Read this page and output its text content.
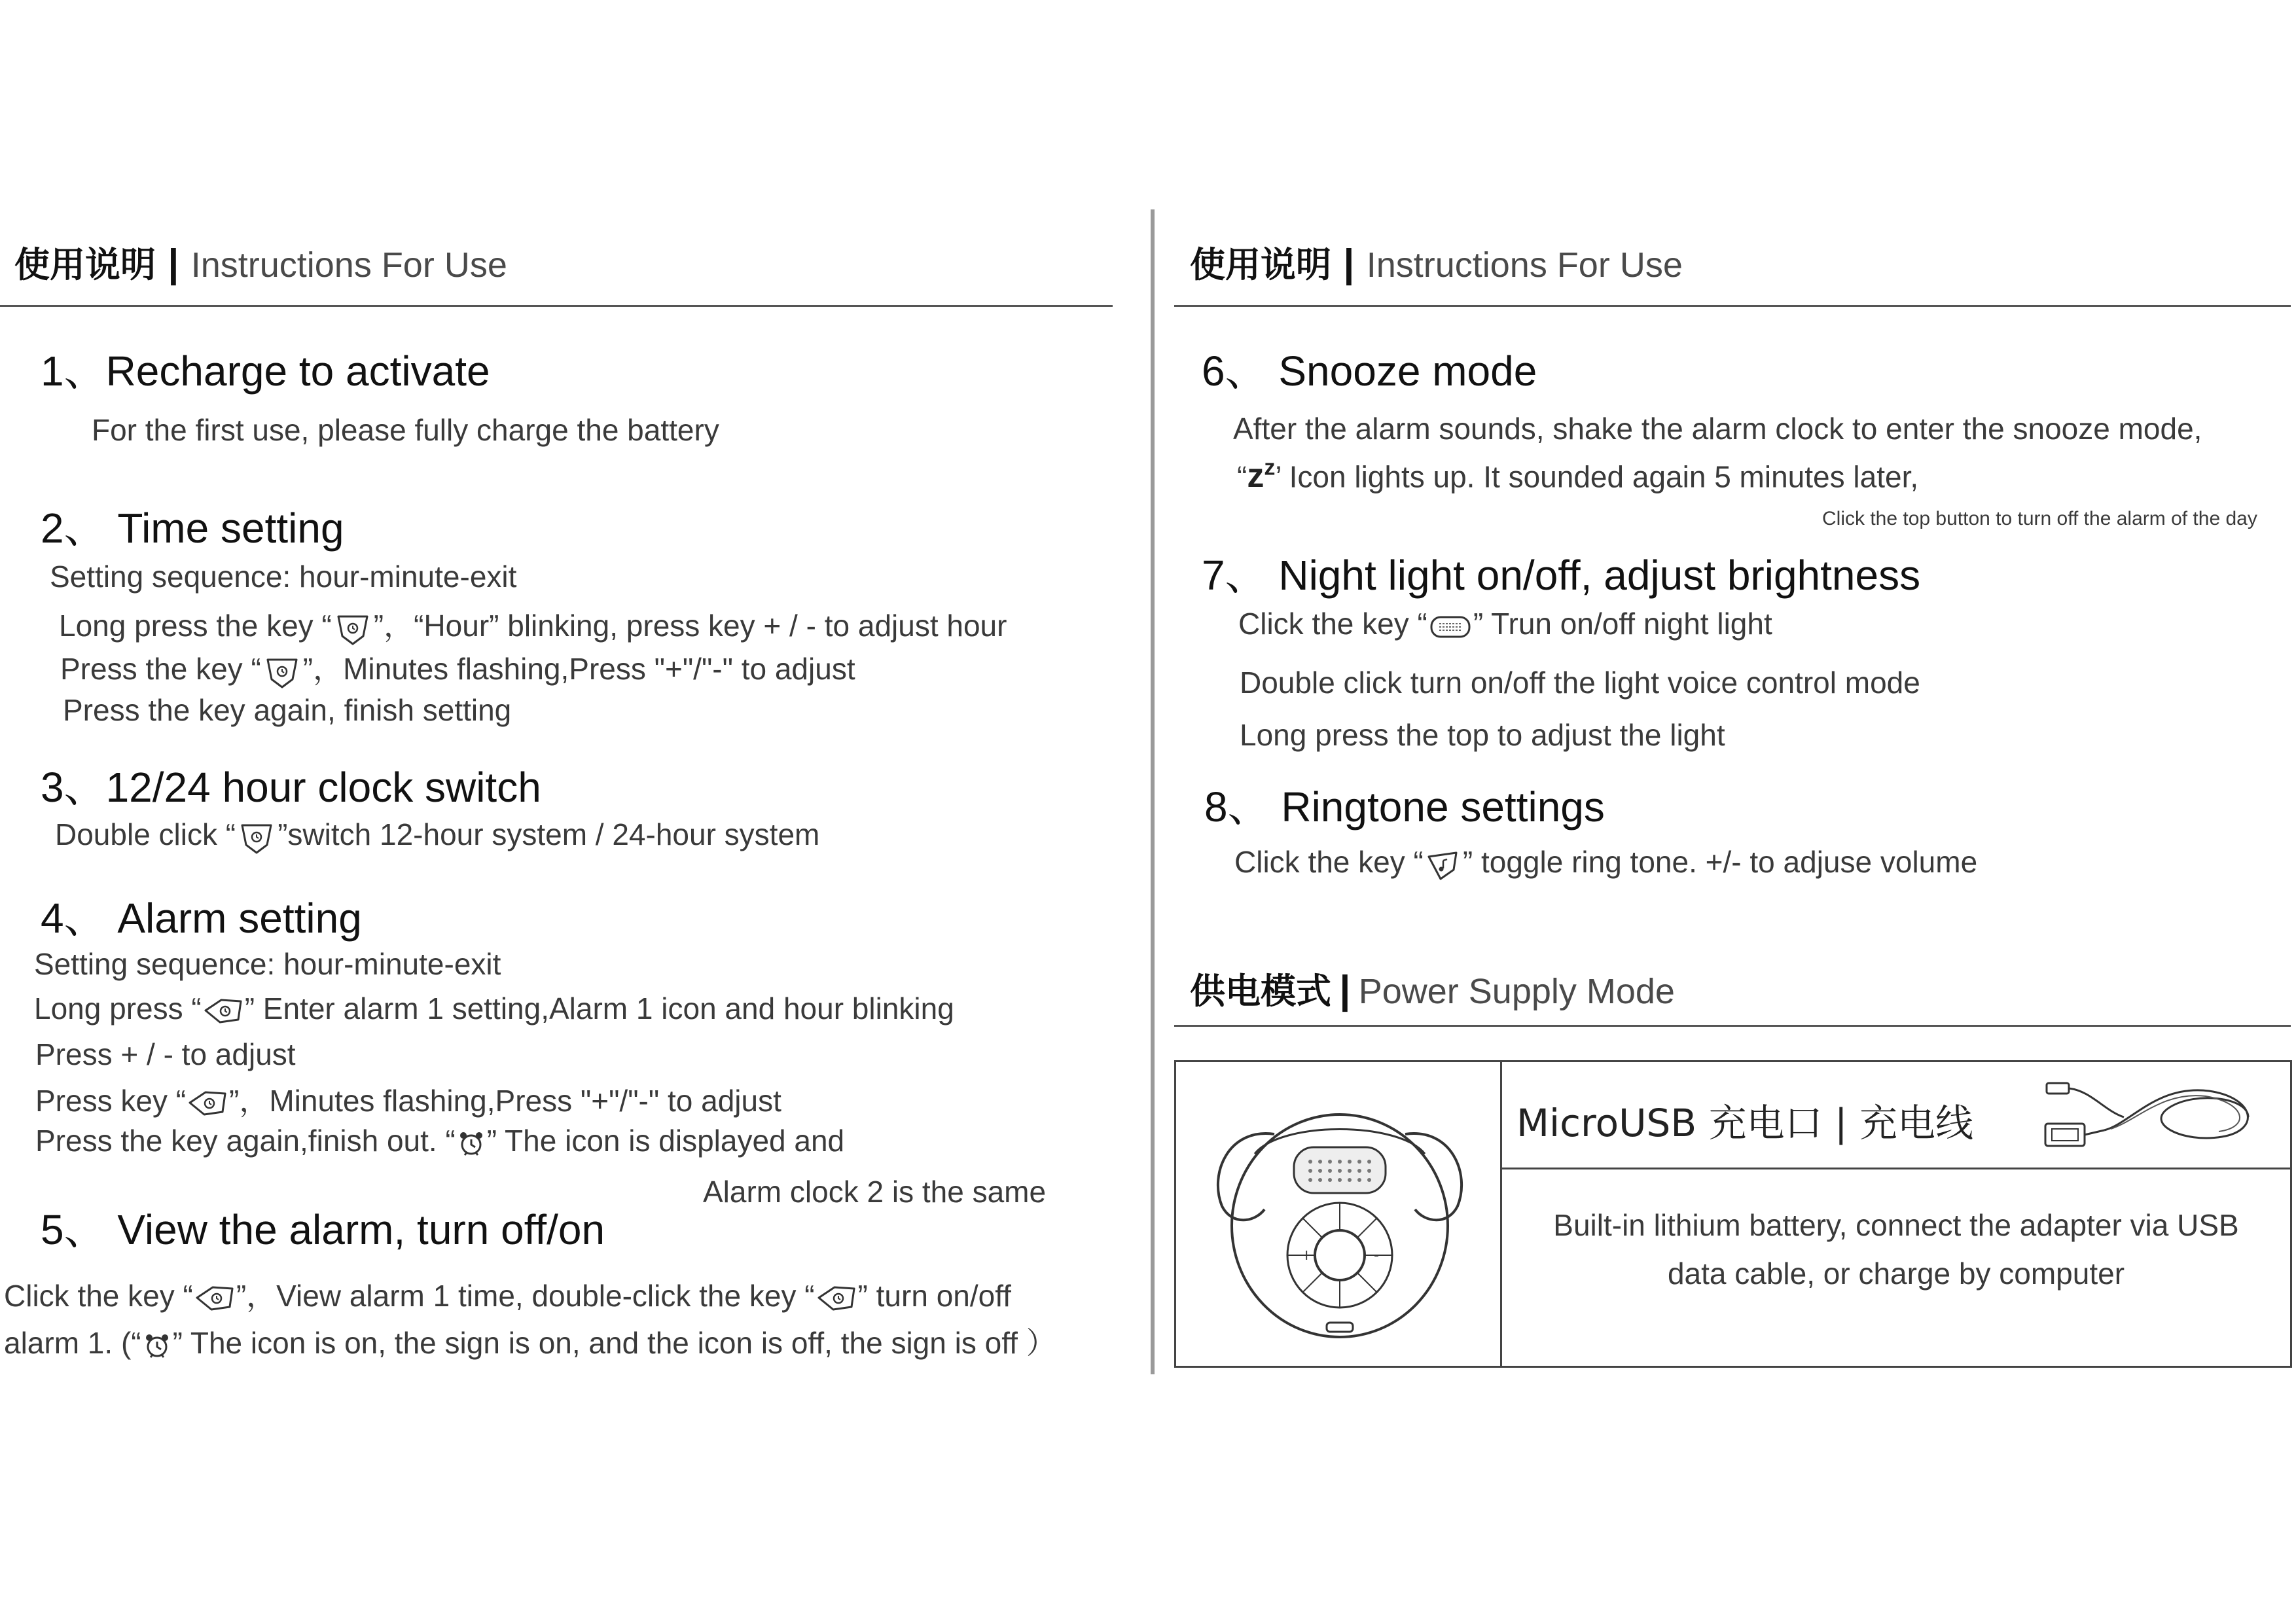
使用说明 | Instructions For Use
1、Recharge to activate
For the first use, please fully charge the battery
2、 Time setting
Setting sequence: hour-minute-exit
Long press the key “ ”，“Hour” blinking, press key + / - to adjust hour
Press the key “ ”，Minutes flashing,Press "+"/"-" to adjust
Press the key again, finish setting
3、12/24 hour clock switch
Double click “ ”switch 12-hour system / 24-hour system
4、 Alarm setting
Setting sequence: hour-minute-exit
Long press “ ” Enter alarm 1 setting,Alarm 1 icon and hour blinking
Press + / - to adjust
Press key “ ”，Minutes flashing,Press "+"/"-" to adjust
Press the key again,finish out. “ ” The icon is displayed and
Alarm clock 2 is the same
5、 View the alarm, turn off/on
Click the key “ ”，View alarm 1 time, double-click the key “ ” turn on/off
alarm 1. (“ ” The icon is on, the sign is on, and the icon is off, the sign is off ）
使用说明 | Instructions For Use
6、 Snooze mode
After the alarm sounds, shake the alarm clock to enter the snooze mode,
“$z^z$’ Icon lights up. It sounded again 5 minutes later,
Click the top button to turn off the alarm of the day
7、 Night light on/off, adjust brightness
Click the key “ ” Trun on/off night light
Double click turn on/off the light voice control mode
Long press the top to adjust the light
8、 Ringtone settings
Click the key “ ” toggle ring tone. +/- to adjuse volume
供电模式 | Power Supply Mode
+	-
MicroUSB 充电口 | 充电线
Built-in lithium battery, connect the adapter via USB data cable, or charge by computer
